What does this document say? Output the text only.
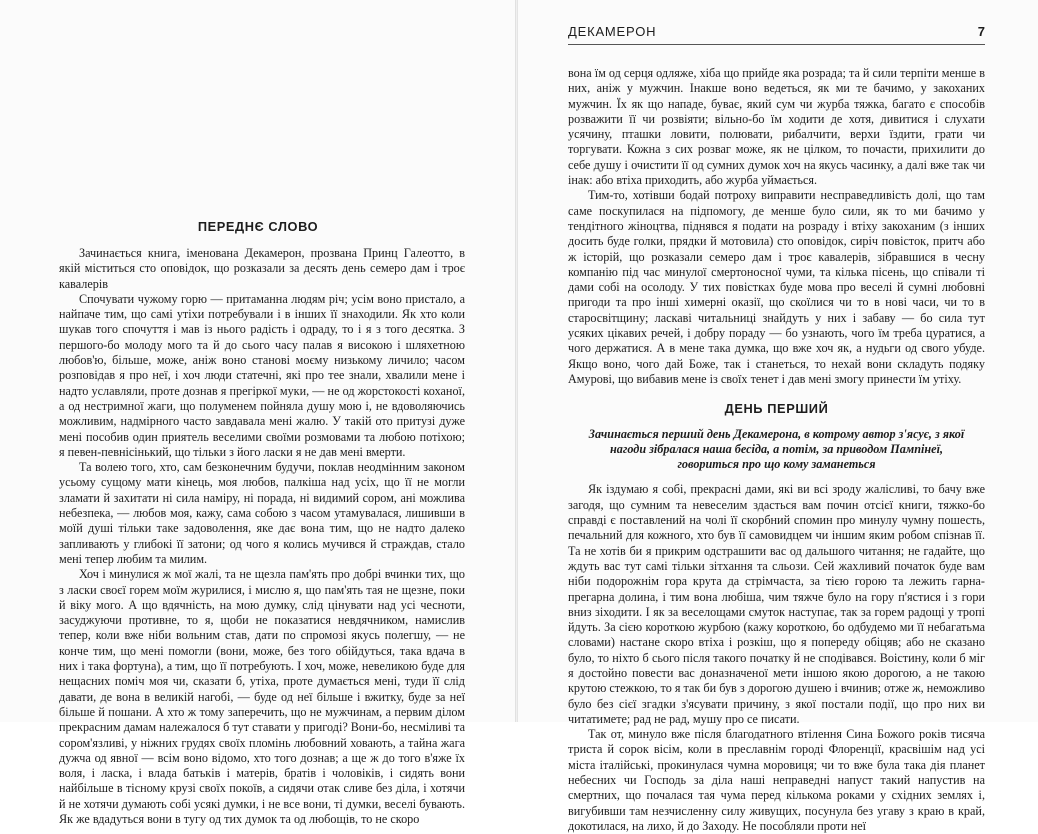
ПЕРЕДНЄ СЛОВО

Зачинається книга, іменована Декамерон, прозвана Принц Галеотто, в якій міститься сто оповідок, що розказали за десять день семеро дам і троє кавалерів

Спочувати чужому горю — притаманна людям річ; усім воно пристало, а найпаче тим, що самі утіхи потребували і в інших її знаходили. Як хто коли шукав того спочуття і мав із нього радість і одраду, то і я з того десятка. З першого-бо молоду мого та й до сього часу палав я високою і шляхетною любов'ю, більше, може, аніж воно станові моєму низькому личило; часом розповідав я про неї, і хоч люди статечні, які про тее знали, хвалили мене і надто уславляли, проте дознав я прегіркої муки, — не од жорстокості коханої, а од нестримної жаги, що полуменем пойняла душу мою і, не вдоволяючись можливим, надмірного часто завдавала мені жалю. У такій ото притузі дуже мені пособив один приятель веселими своїми розмовами та любою потіхою; я певен-певнісінький, що тільки з його ласки я не дав мені вмерти.

Та волею того, хто, сам безконечним будучи, поклав неодмінним законом усьому сущому мати кінець, моя любов, палкіша над усіх, що її не могли зламати й захитати ні сила наміру, ні порада, ні видимий сором, ані можлива небезпека, — любов моя, кажу, сама собою з часом утамувалася, лишивши в моїй душі тільки таке задоволення, яке дає вона тим, що не надто далеко запливають у глибокі її затони; од чого я колись мучився й страждав, стало мені тепер любим та милим.

Хоч і минулися ж мої жалі, та не щезла пам'ять про добрі вчинки тих, що з ласки своєї горем моїм журилися, і мислю я, що пам'ять тая не щезне, поки й віку мого. А що вдячність, на мою думку, слід цінувати над усі чесноти, засуджуючи противне, то я, щоби не показатися невдячником, намислив тепер, коли вже ніби вольним став, дати по спромозі якусь полегшу, — не конче тим, що мені помогли (вони, може, без того обійдуться, така вдача в них і така фортуна), а тим, що її потребують. І хоч, може, невеликою буде для нещасних поміч моя чи, сказати б, утіха, проте думається мені, туди її слід давати, де вона в великій нагобі, — буде од неї більше і вжитку, буде за неї більше й пошани. А хто ж тому заперечить, що не мужчинам, а первим ділом прекрасним дамам належалося б тут ставати у пригоді? Вони-бо, несміливі та сором'язливі, у ніжних грудях своїх пломінь любовний ховають, а тайна жага дужча од явної — всім воно відомо, хто того дознав; а ще ж до того в'яже їх воля, і ласка, і влада батьків і матерів, братів і чоловіків, і сидять вони найбільше в тісному крузі своїх покоїв, а сидячи отак сливе без діла, і хотячи й не хотячи думають собі усякі думки, і не все вони, ті думки, веселі бувають. Як же вдадуться вони в тугу од тих думок та од любощів, то не скоро

ДЕКАМЕРОН	7

вона їм од серця одляже, хіба що прийде яка розрада; та й сили терпіти менше в них, аніж у мужчин. Інакше воно ведеться, як ми те бачимо, у закоханих мужчин. Їх як що нападе, буває, який сум чи журба тяжка, багато є способів розважити її чи розвіяти; вільно-бо їм ходити де хотя, дивитися і слухати усячину, пташки ловити, полювати, рибалчити, верхи їздити, грати чи торгувати. Кожна з сих розваг може, як не цілком, то почасти, прихилити до себе душу і очистити її од сумних думок хоч на якусь часинку, а далі вже так чи інак: або втіха приходить, або журба уймається.

Тим-то, хотівши бодай потроху виправити несправедливість долі, що там саме поскупилася на підпомогу, де менше було сили, як то ми бачимо у тендітного жіноцтва, піднявся я подати на розраду і втіху закоханим (з інших досить буде голки, прядки й мотовила) сто оповідок, сиріч повісток, притч або ж історій, що розказали семеро дам і троє кавалерів, зібравшися в чесну компанію під час минулої смертоносної чуми, та кілька пісень, що співали ті дами собі на осолоду. У тих повістках буде мова про веселі й сумні любовні пригоди та про інші химерні оказії, що скоїлися чи то в нові часи, чи то в старосвітщину; ласкаві читальниці знайдуть у них і забаву — бо сила тут усяких цікавих речей, і добру пораду — бо узнають, чого їм треба цуратися, а чого держатися. А в мене така думка, що вже хоч як, а нудьги од свого убуде. Якщо воно, чого дай Боже, так і станеться, то нехай вони складуть подяку Амурові, що вибавив мене із своїх тенет і дав мені змогу принести їм утіху.

ДЕНЬ ПЕРШИЙ

Зачинається перший день Декамерона, в котрому автор з'ясує, з якої нагоди зібралася наша бесіда, а потім, за приводом Пампінеї, говориться про що кому заманеться

Як іздумаю я собі, прекрасні дами, які ви всі зроду жалісливі, то бачу вже загодя, що сумним та невеселим здасться вам почин отсієї книги, тяжко-бо справді є поставлений на чолі її скорбний спомин про минулу чумну пошесть, печальний для кожного, хто був її самовидцем чи іншим яким робом спізнав її. Та не хотів би я прикрим одстрашити вас од дальшого читання; не гадайте, що ждуть вас тут самі тільки зітхання та сльози. Сей жахливий початок буде вам ніби подорожнім гора крута да стрімчаста, за тією горою та лежить гарна-прегарна долина, і тим вона любіша, чим тяжче було на гору п'ястися і з гори вниз зіходити. І як за веселощами смуток наступає, так за горем радощі у тропі йдуть. За сією короткою журбою (кажу короткою, бо одбудемо ми її небагатьма словами) настане скоро втіха і розкіш, що я попереду обіцяв; або не сказано було, то ніхто б сього після такого початку й не сподівався. Воістину, коли б міг я достойно повести вас доназначеної мети іншою якою дорогою, а не такою крутою стежкою, то я так би був з дорогою душею і вчинив; отже ж, неможливо було без сієї згадки з'ясувати причину, з якої постали події, що про них ви читатимете; рад не рад, мушу про се писати.

Так от, минуло вже після благодатного втілення Сина Божого років тисяча триста й сорок вісім, коли в преславнім городі Флоренції, красвішім над усі міста італійські, прокинулася чумна моровиця; чи то вже була така дія планет небесних чи Господь за діла наші неправедні напуст такий напустив на смертних, що почалася тая чума перед кількома роками у східних землях і, вигубивши там незчисленну силу живущих, посунула без угаву з краю в край, докотилася, на лихо, й до Заходу. Не пособляли проти неї
